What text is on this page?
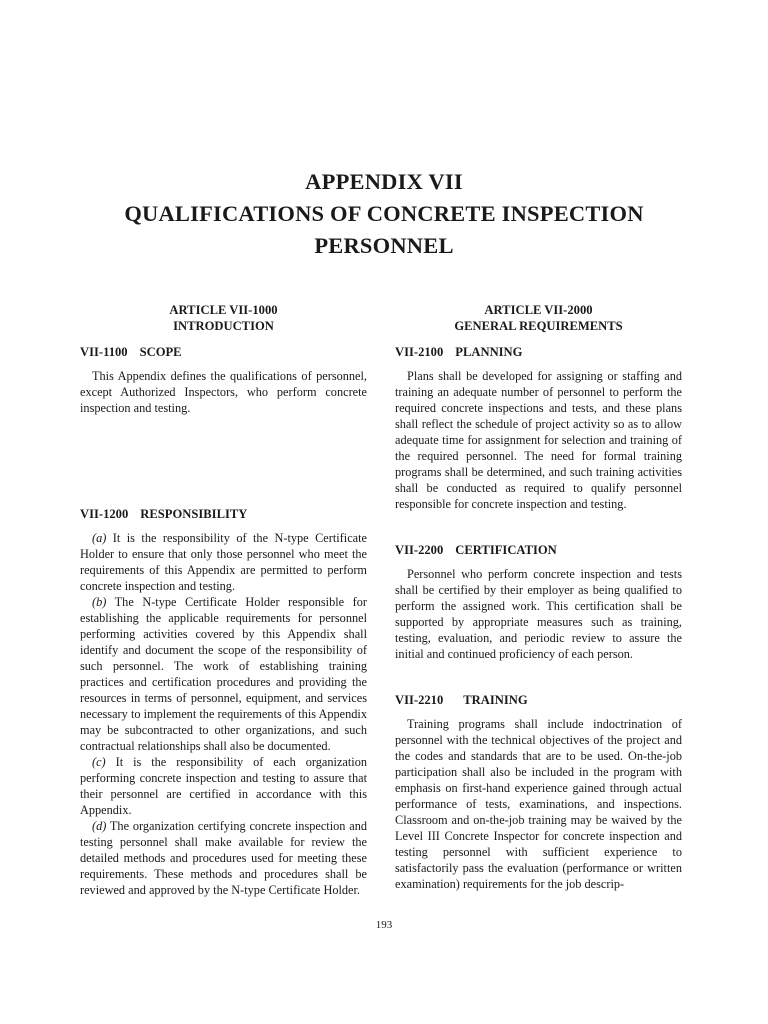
APPENDIX VII
QUALIFICATIONS OF CONCRETE INSPECTION
PERSONNEL
ARTICLE VII-1000
INTRODUCTION
VII-1100 SCOPE

This Appendix defines the qualifications of personnel, except Authorized Inspectors, who perform concrete inspection and testing.

VII-1200 RESPONSIBILITY

(a) It is the responsibility of the N-type Certificate Holder to ensure that only those personnel who meet the requirements of this Appendix are permitted to perform concrete inspection and testing.

(b) The N-type Certificate Holder responsible for establishing the applicable requirements for personnel performing activities covered by this Appendix shall identify and document the scope of the responsibility of such personnel. The work of establishing training practices and certification procedures and providing the resources in terms of personnel, equipment, and services necessary to implement the requirements of this Appendix may be subcontracted to other organizations, and such contractual relationships shall also be documented.

(c) It is the responsibility of each organization performing concrete inspection and testing to assure that their personnel are certified in accordance with this Appendix.

(d) The organization certifying concrete inspection and testing personnel shall make available for review the detailed methods and procedures used for meeting these requirements. These methods and procedures shall be reviewed and approved by the N-type Certificate Holder.

ARTICLE VII-2000
GENERAL REQUIREMENTS
VII-2100 PLANNING

Plans shall be developed for assigning or staffing and training an adequate number of personnel to perform the required concrete inspections and tests, and these plans shall reflect the schedule of project activity so as to allow adequate time for assignment for selection and training of the required personnel. The need for formal training programs shall be determined, and such training activities shall be conducted as required to qualify personnel responsible for concrete inspection and testing.

VII-2200 CERTIFICATION

Personnel who perform concrete inspection and tests shall be certified by their employer as being qualified to perform the assigned work. This certification shall be supported by appropriate measures such as training, testing, evaluation, and periodic review to assure the initial and continued proficiency of each person.

VII-2210 TRAINING

Training programs shall include indoctrination of personnel with the technical objectives of the project and the codes and standards that are to be used. On-the-job participation shall also be included in the program with emphasis on first-hand experience gained through actual performance of tests, examinations, and inspections. Classroom and on-the-job training may be waived by the Level III Concrete Inspector for concrete inspection and testing personnel with sufficient experience to satisfactorily pass the evaluation (performance or written examination) requirements for the job descrip-

193
